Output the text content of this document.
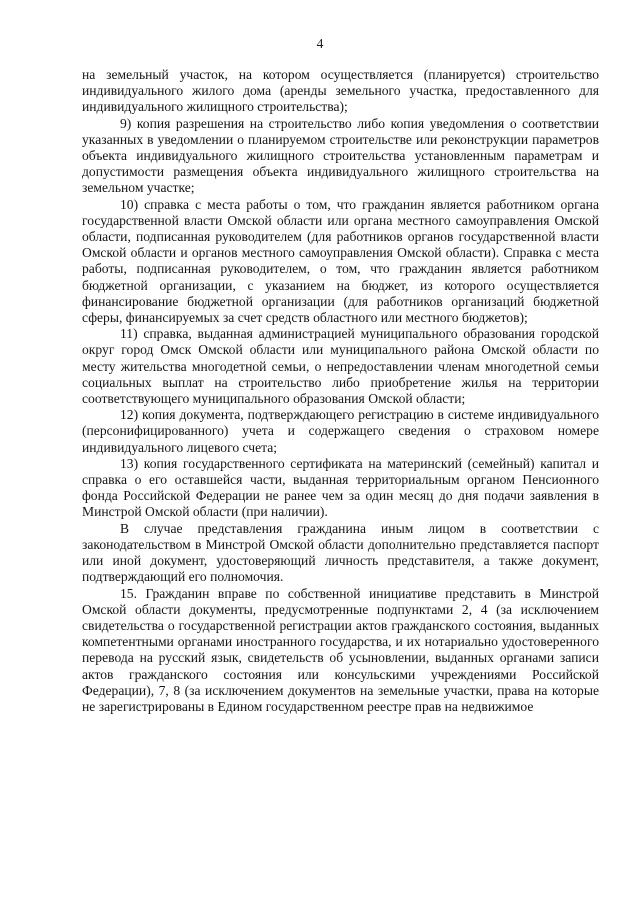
4

на земельный участок, на котором осуществляется (планируется) строительство индивидуального жилого дома (аренды земельного участка, предоставленного для индивидуального жилищного строительства);

9) копия разрешения на строительство либо копия уведомления о соответствии указанных в уведомлении о планируемом строительстве или реконструкции параметров объекта индивидуального жилищного строительства установленным параметрам и допустимости размещения объекта индивидуального жилищного строительства на земельном участке;

10) справка с места работы о том, что гражданин является работником органа государственной власти Омской области или органа местного самоуправления Омской области, подписанная руководителем (для работников органов государственной власти Омской области и органов местного самоуправления Омской области). Справка с места работы, подписанная руководителем, о том, что гражданин является работником бюджетной организации, с указанием на бюджет, из которого осуществляется финансирование бюджетной организации (для работников организаций бюджетной сферы, финансируемых за счет средств областного или местного бюджетов);

11) справка, выданная администрацией муниципального образования городской округ город Омск Омской области или муниципального района Омской области по месту жительства многодетной семьи, о непредоставлении членам многодетной семьи социальных выплат на строительство либо приобретение жилья на территории соответствующего муниципального образования Омской области;

12) копия документа, подтверждающего регистрацию в системе индивидуального (персонифицированного) учета и содержащего сведения о страховом номере индивидуального лицевого счета;

13) копия государственного сертификата на материнский (семейный) капитал и справка о его оставшейся части, выданная территориальным органом Пенсионного фонда Российской Федерации не ранее чем за один месяц до дня подачи заявления в Минстрой Омской области (при наличии).

В случае представления гражданина иным лицом в соответствии с законодательством в Минстрой Омской области дополнительно представляется паспорт или иной документ, удостоверяющий личность представителя, а также документ, подтверждающий его полномочия.

15. Гражданин вправе по собственной инициативе представить в Минстрой Омской области документы, предусмотренные подпунктами 2, 4 (за исключением свидетельства о государственной регистрации актов гражданского состояния, выданных компетентными органами иностранного государства, и их нотариально удостоверенного перевода на русский язык, свидетельств об усыновлении, выданных органами записи актов гражданского состояния или консульскими учреждениями Российской Федерации), 7, 8 (за исключением документов на земельные участки, права на которые не зарегистрированы в Едином государственном реестре прав на недвижимое
